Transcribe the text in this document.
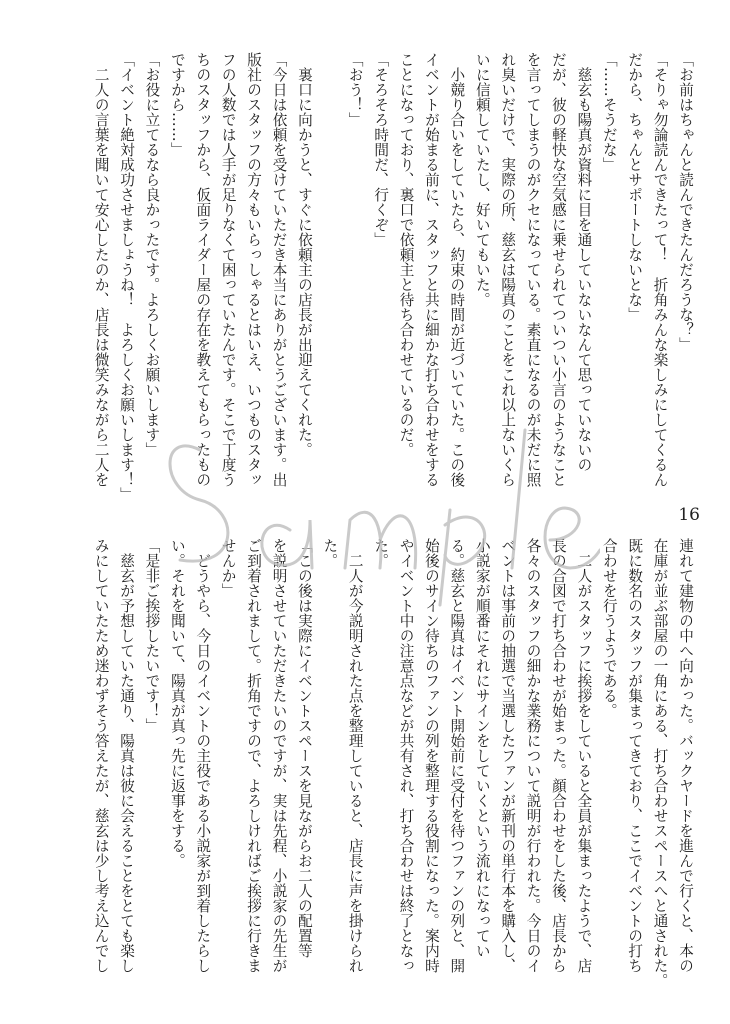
「お前はちゃんと読んできたんだろうな？」

「そりゃ勿論読んできたって！　折角みんな楽しみにしてくるん

だから、ちゃんとサポートしないとな」

「……そうだな」

　慈玄も陽真が資料に目を通していないなんて思っていないの

だが、彼の軽快な空気感に乗せられてついつい小言のようなこと

を言ってしまうのがクセになっている。素直になるのが未だに照

れ臭いだけで、実際の所、慈玄は陽真のことをこれ以上ないくら

いに信頼していたし、好いてもいた。

　小競り合いをしていたら、約束の時間が近づいていた。この後

イベントが始まる前に、スタッフと共に細かな打ち合わせをする

ことになっており、裏口で依頼主と待ち合わせているのだ。

「そろそろ時間だ、行くぞ」

「おう！」

　裏口に向かうと、すぐに依頼主の店長が出迎えてくれた。

「今日は依頼を受けていただき本当にありがとうございます。出

版社のスタッフの方々もいらっしゃるとはいえ、いつものスタッ

フの人数では人手が足りなくて困っていたんです。そこで丁度う

ちのスタッフから、仮面ライダー屋の存在を教えてもらったもの

ですから……」

「お役に立てるなら良かったです。よろしくお願いします」

「イベント絶対成功させましょうね！　よろしくお願いします！」

　二人の言葉を聞いて安心したのか、店長は微笑みながら二人を

16

連れて建物の中へ向かった。バックヤードを進んで行くと、本の

在庫が並ぶ部屋の一角にある、打ち合わせスペースへと通された。

既に数名のスタッフが集まってきており、ここでイベントの打ち

合わせを行うようである。

　二人がスタッフに挨拶をしていると全員が集まったようで、店

長の合図で打ち合わせが始まった。顔合わせをした後、店長から

各々のスタッフの細かな業務について説明が行われた。今日のイ

ベントは事前の抽選で当選したファンが新刊の単行本を購入し、

小説家が順番にそれにサインをしていくという流れになってい

る。慈玄と陽真はイベント開始前に受付を待つファンの列と、開

始後のサイン待ちのファンの列を整理する役割になった。案内時

やイベント中の注意点などが共有され、打ち合わせは終了となっ

た。

　二人が今説明された点を整理していると、店長に声を掛けられ

た。

「この後は実際にイベントスペースを見ながらお二人の配置等

を説明させていただきたいのですが、実は先程、小説家の先生が

ご到着されまして。折角ですので、よろしければご挨拶に行きま

せんか」

　どうやら、今日のイベントの主役である小説家が到着したらし

い。それを聞いて、陽真が真っ先に返事をする。

「是非ご挨拶したいです！」

　慈玄が予想していた通り、陽真は彼に会えることをとても楽し

みにしていたため迷わずそう答えたが、慈玄は少し考え込んでし
